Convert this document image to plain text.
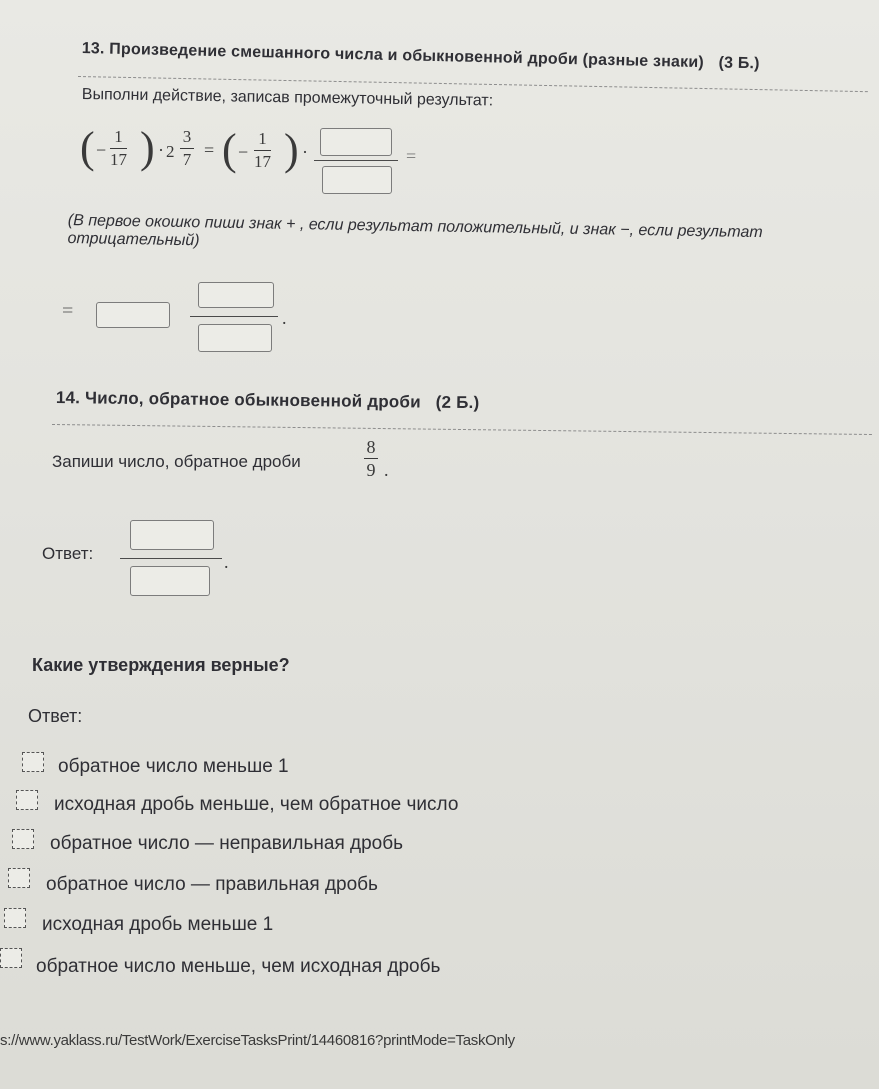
13. Произведение смешанного числа и обыкновенной дроби (разные знаки) (3 Б.)
Выполни действие, записав промежуточный результат:
( −
1
17 ) · 2
3
7 = ( −
1
17 ) ·	=
(В первое окошко пиши знак + , если результат положительный, и знак −, если результат отрицательный)
=	.
14. Число, обратное обыкновенной дроби (2 Б.)
Запиши число, обратное дроби
8
9 .
Ответ:	.
Какие утверждения верные?
Ответ:
обратное число меньше 1
исходная дробь меньше, чем обратное число
обратное число — неправильная дробь
обратное число — правильная дробь
исходная дробь меньше 1
обратное число меньше, чем исходная дробь
s://www.yaklass.ru/TestWork/ExerciseTasksPrint/14460816?printMode=TaskOnly
